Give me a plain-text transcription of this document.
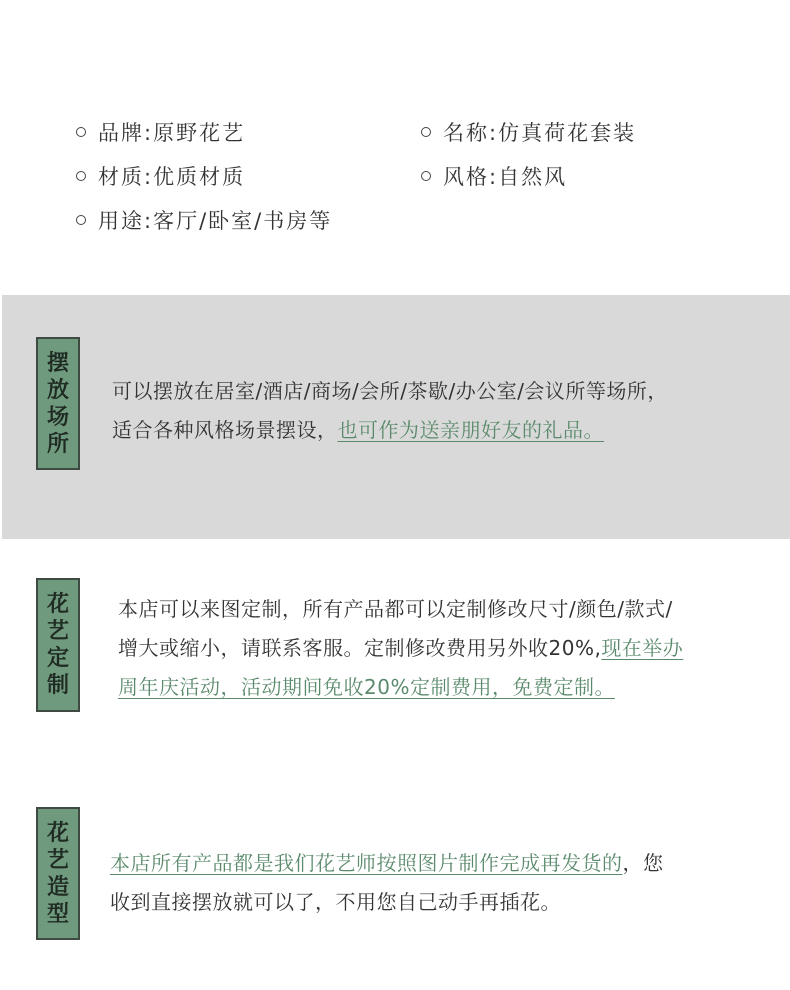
品牌:原野花艺	名称:仿真荷花套装
材质:优质材质	风格:自然风
用途:客厅/卧室/书房等
摆
放
场
所
可以摆放在居室/酒店/商场/会所/茶歇/办公室/会议所等场所，
适合各种风格场景摆设，也可作为送亲朋好友的礼品。
花
艺
定
制
本店可以来图定制，所有产品都可以定制修改尺寸/颜色/款式/
增大或缩小，请联系客服。定制修改费用另外收20%,现在举办
周年庆活动，活动期间免收20%定制费用，免费定制。
花
艺
造
型
本店所有产品都是我们花艺师按照图片制作完成再发货的，您
收到直接摆放就可以了，不用您自己动手再插花。
